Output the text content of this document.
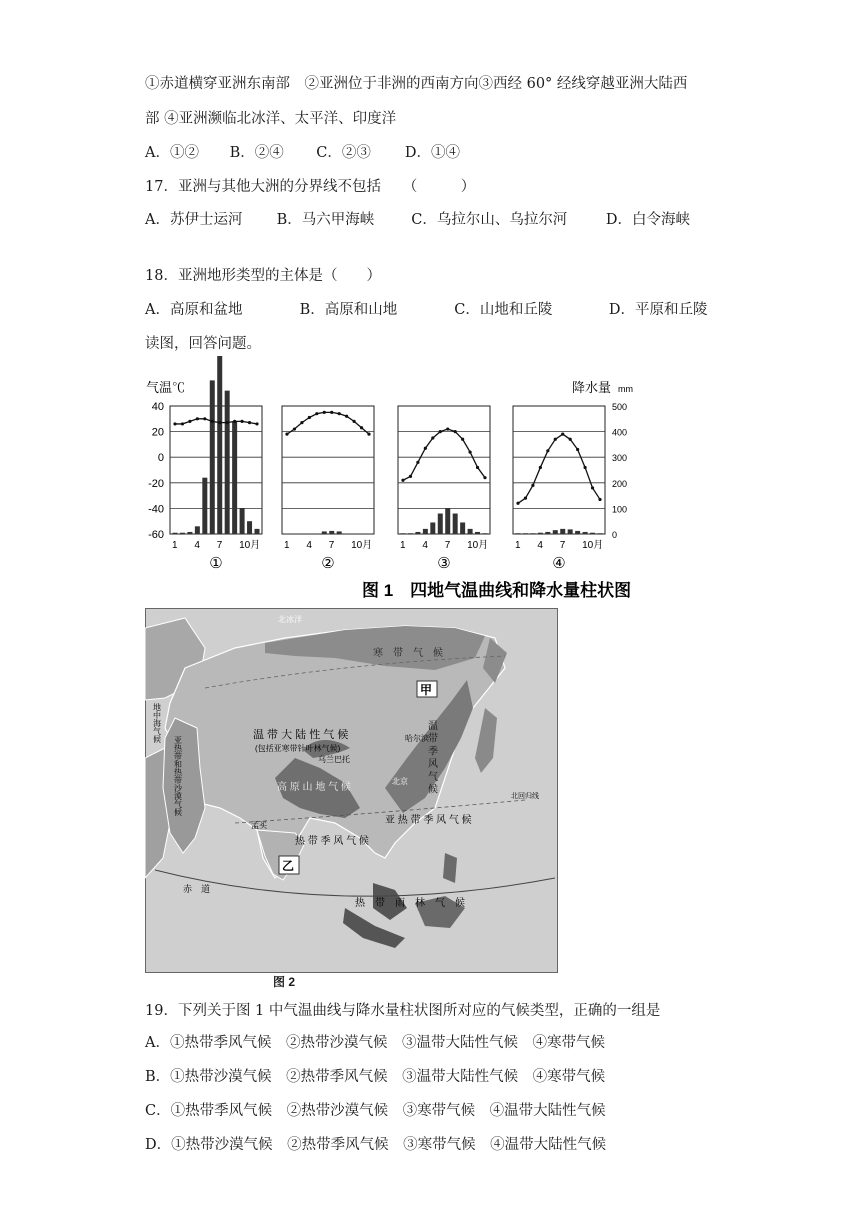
①赤道横穿亚洲东南部　②亚洲位于非洲的西南方向③西经 60° 经线穿越亚洲大陆西
部 ④亚洲濒临北冰洋、太平洋、印度洋
A．①② B．②④ C．②③ D．①④
17．亚洲与其他大洲的分界线不包括　　（　　　）
A．苏伊士运河 B．马六甲海峡	C．乌拉尔山、乌拉尔河	D．白令海峡
18．亚洲地形类型的主体是（　　）
A．高原和盆地	B．高原和山地	C．山地和丘陵	D．平原和丘陵
读图，回答问题。
气温℃	降水量 mm
40
20
0
-20
-40
-60
500
400
300
200
100
0
1 4 7 10月
①
1 4 7 10月
②
1 4 7 10月
③
1 4 7 10月
④
图 1　四地气温曲线和降水量柱状图
北冰洋
寒　带　气　候
甲
地中海气候	温 带 大 陆 性 气 候
(包括亚寒带针叶林气候)
乌兰巴托
哈尔滨
北京 温 带 季 风 气 候
高 原 山 地 气 候
亚热带和热带沙漠气候
亚 热 带 季 风 气 候
北回归线
孟买
乙
热 带 季 风 气 候
赤　道
热　带　雨　林　气　候
图 2
19．下列关于图 1 中气温曲线与降水量柱状图所对应的气候类型，正确的一组是
A．①热带季风气候　②热带沙漠气候　③温带大陆性气候　④寒带气候
B．①热带沙漠气候　②热带季风气候　③温带大陆性气候　④寒带气候
C．①热带季风气候　②热带沙漠气候　③寒带气候　④温带大陆性气候
D．①热带沙漠气候　②热带季风气候　③寒带气候　④温带大陆性气候
